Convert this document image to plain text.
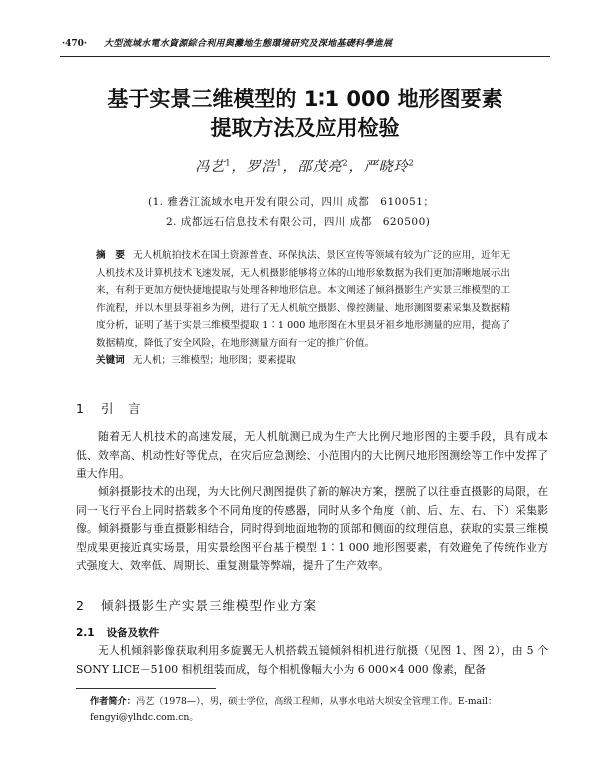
·470· 大型流域水電水資源綜合利用與灘地生態環境研究及深地基礎科學進展
基于实景三维模型的 1∶1 000 地形图要素
提取方法及应用检验
冯艺$^1$，罗浩$^1$，邵茂亮$^2$，严晓玲$^2$
(1. 雅砻江流域水电开发有限公司，四川 成都　610051；
2. 成都远石信息技术有限公司，四川 成都　620500)
摘　要 无人机航拍技术在国土资源普查、环保执法、景区宣传等领域有较为广泛的应用，近年无人机技术及计算机技术飞速发展，无人机摄影能够将立体的山地形象数据为我们更加清晰地展示出来，有利于更加方便快捷地提取与处理各种地形信息。本文阐述了倾斜摄影生产实景三维模型的工作流程，并以木里县芽祖乡为例，进行了无人机航空摄影、像控测量、地形测图要素采集及数据精度分析，证明了基于实景三维模型提取 1∶1 000 地形图在木里县牙祖乡地形测量的应用，提高了数据精度，降低了安全风险，在地形测量方面有一定的推广价值。
关键词 无人机；三维模型；地形图；要素提取
1 引　言
随着无人机技术的高速发展，无人机航测已成为生产大比例尺地形图的主要手段，具有成本低、效率高、机动性好等优点，在灾后应急测绘、小范围内的大比例尺地形图测绘等工作中发挥了重大作用。
倾斜摄影技术的出现，为大比例尺测图提供了新的解决方案，摆脱了以往垂直摄影的局限，在同一飞行平台上同时搭载多个不同角度的传感器，同时从多个角度（前、后、左、右、下）采集影像。倾斜摄影与垂直摄影相结合，同时得到地面地物的顶部和侧面的纹理信息，获取的实景三维模型成果更接近真实场景，用实景绘图平台基于模型 1∶1 000 地形图要素，有效避免了传统作业方式强度大、效率低、周期长、重复测量等弊端，提升了生产效率。
2 倾斜摄影生产实景三维模型作业方案
2.1 设备及软件
无人机倾斜影像获取利用多旋翼无人机搭载五镜倾斜相机进行航摄（见图 1、图 2），由 5 个 SONY LICE－5100 相机组装而成，每个相机像幅大小为 6 000×4 000 像素，配备
作者简介：冯艺（1978—），男，硕士学位，高级工程师，从事水电站大坝安全管理工作。E-mail：fengyi@ylhdc.com.cn。
